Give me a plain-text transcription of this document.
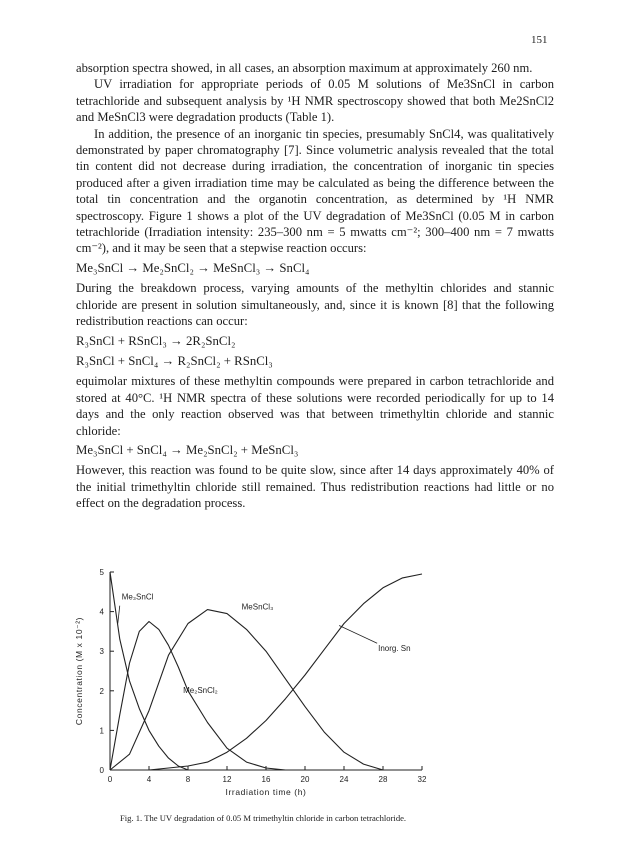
151

absorption spectra showed, in all cases, an absorption maximum at approximately 260 nm.

UV irradiation for appropriate periods of 0.05 M solutions of Me3SnCl in carbon tetrachloride and subsequent analysis by ¹H NMR spectroscopy showed that both Me2SnCl2 and MeSnCl3 were degradation products (Table 1).

In addition, the presence of an inorganic tin species, presumably SnCl4, was qualitatively demonstrated by paper chromatography [7]. Since volumetric analysis revealed that the total tin content did not decrease during irradiation, the concentration of inorganic tin species produced after a given irradiation time may be calculated as being the difference between the total tin concentration and the organotin concentration, as determined by ¹H NMR spectroscopy. Figure 1 shows a plot of the UV degradation of Me3SnCl (0.05 M in carbon tetrachloride (Irradiation intensity: 235–300 nm = 5 mwatts cm⁻²; 300–400 nm = 7 mwatts cm⁻²), and it may be seen that a stepwise reaction occurs:

Me₃SnCl → Me₂SnCl₂ → MeSnCl₃ → SnCl₄

During the breakdown process, varying amounts of the methyltin chlorides and stannic chloride are present in solution simultaneously, and, since it is known [8] that the following redistribution reactions can occur:

R₃SnCl + RSnCl₃ → 2R₂SnCl₂
R₃SnCl + SnCl₄ → R₂SnCl₂ + RSnCl₃

equimolar mixtures of these methyltin compounds were prepared in carbon tetrachloride and stored at 40°C. ¹H NMR spectra of these solutions were recorded periodically for up to 14 days and the only reaction observed was that between trimethyltin chloride and stannic chloride:

Me₃SnCl + SnCl₄ → Me₂SnCl₂ + MeSnCl₃

However, this reaction was found to be quite slow, since after 14 days approximately 40% of the initial trimethyltin chloride still remained. Thus redistribution reactions had little or no effect on the degradation process.

0	4	8	12	16	20	24	28	32
0
1
2
3
4
5
Irradiation time (h)
Concentration (M x 10⁻²)
Me₃SnCl
MeSnCl₃
Inorg. Sn
Me₂SnCl₂
Fig. 1. The UV degradation of 0.05 M trimethyltin chloride in carbon tetrachloride.
